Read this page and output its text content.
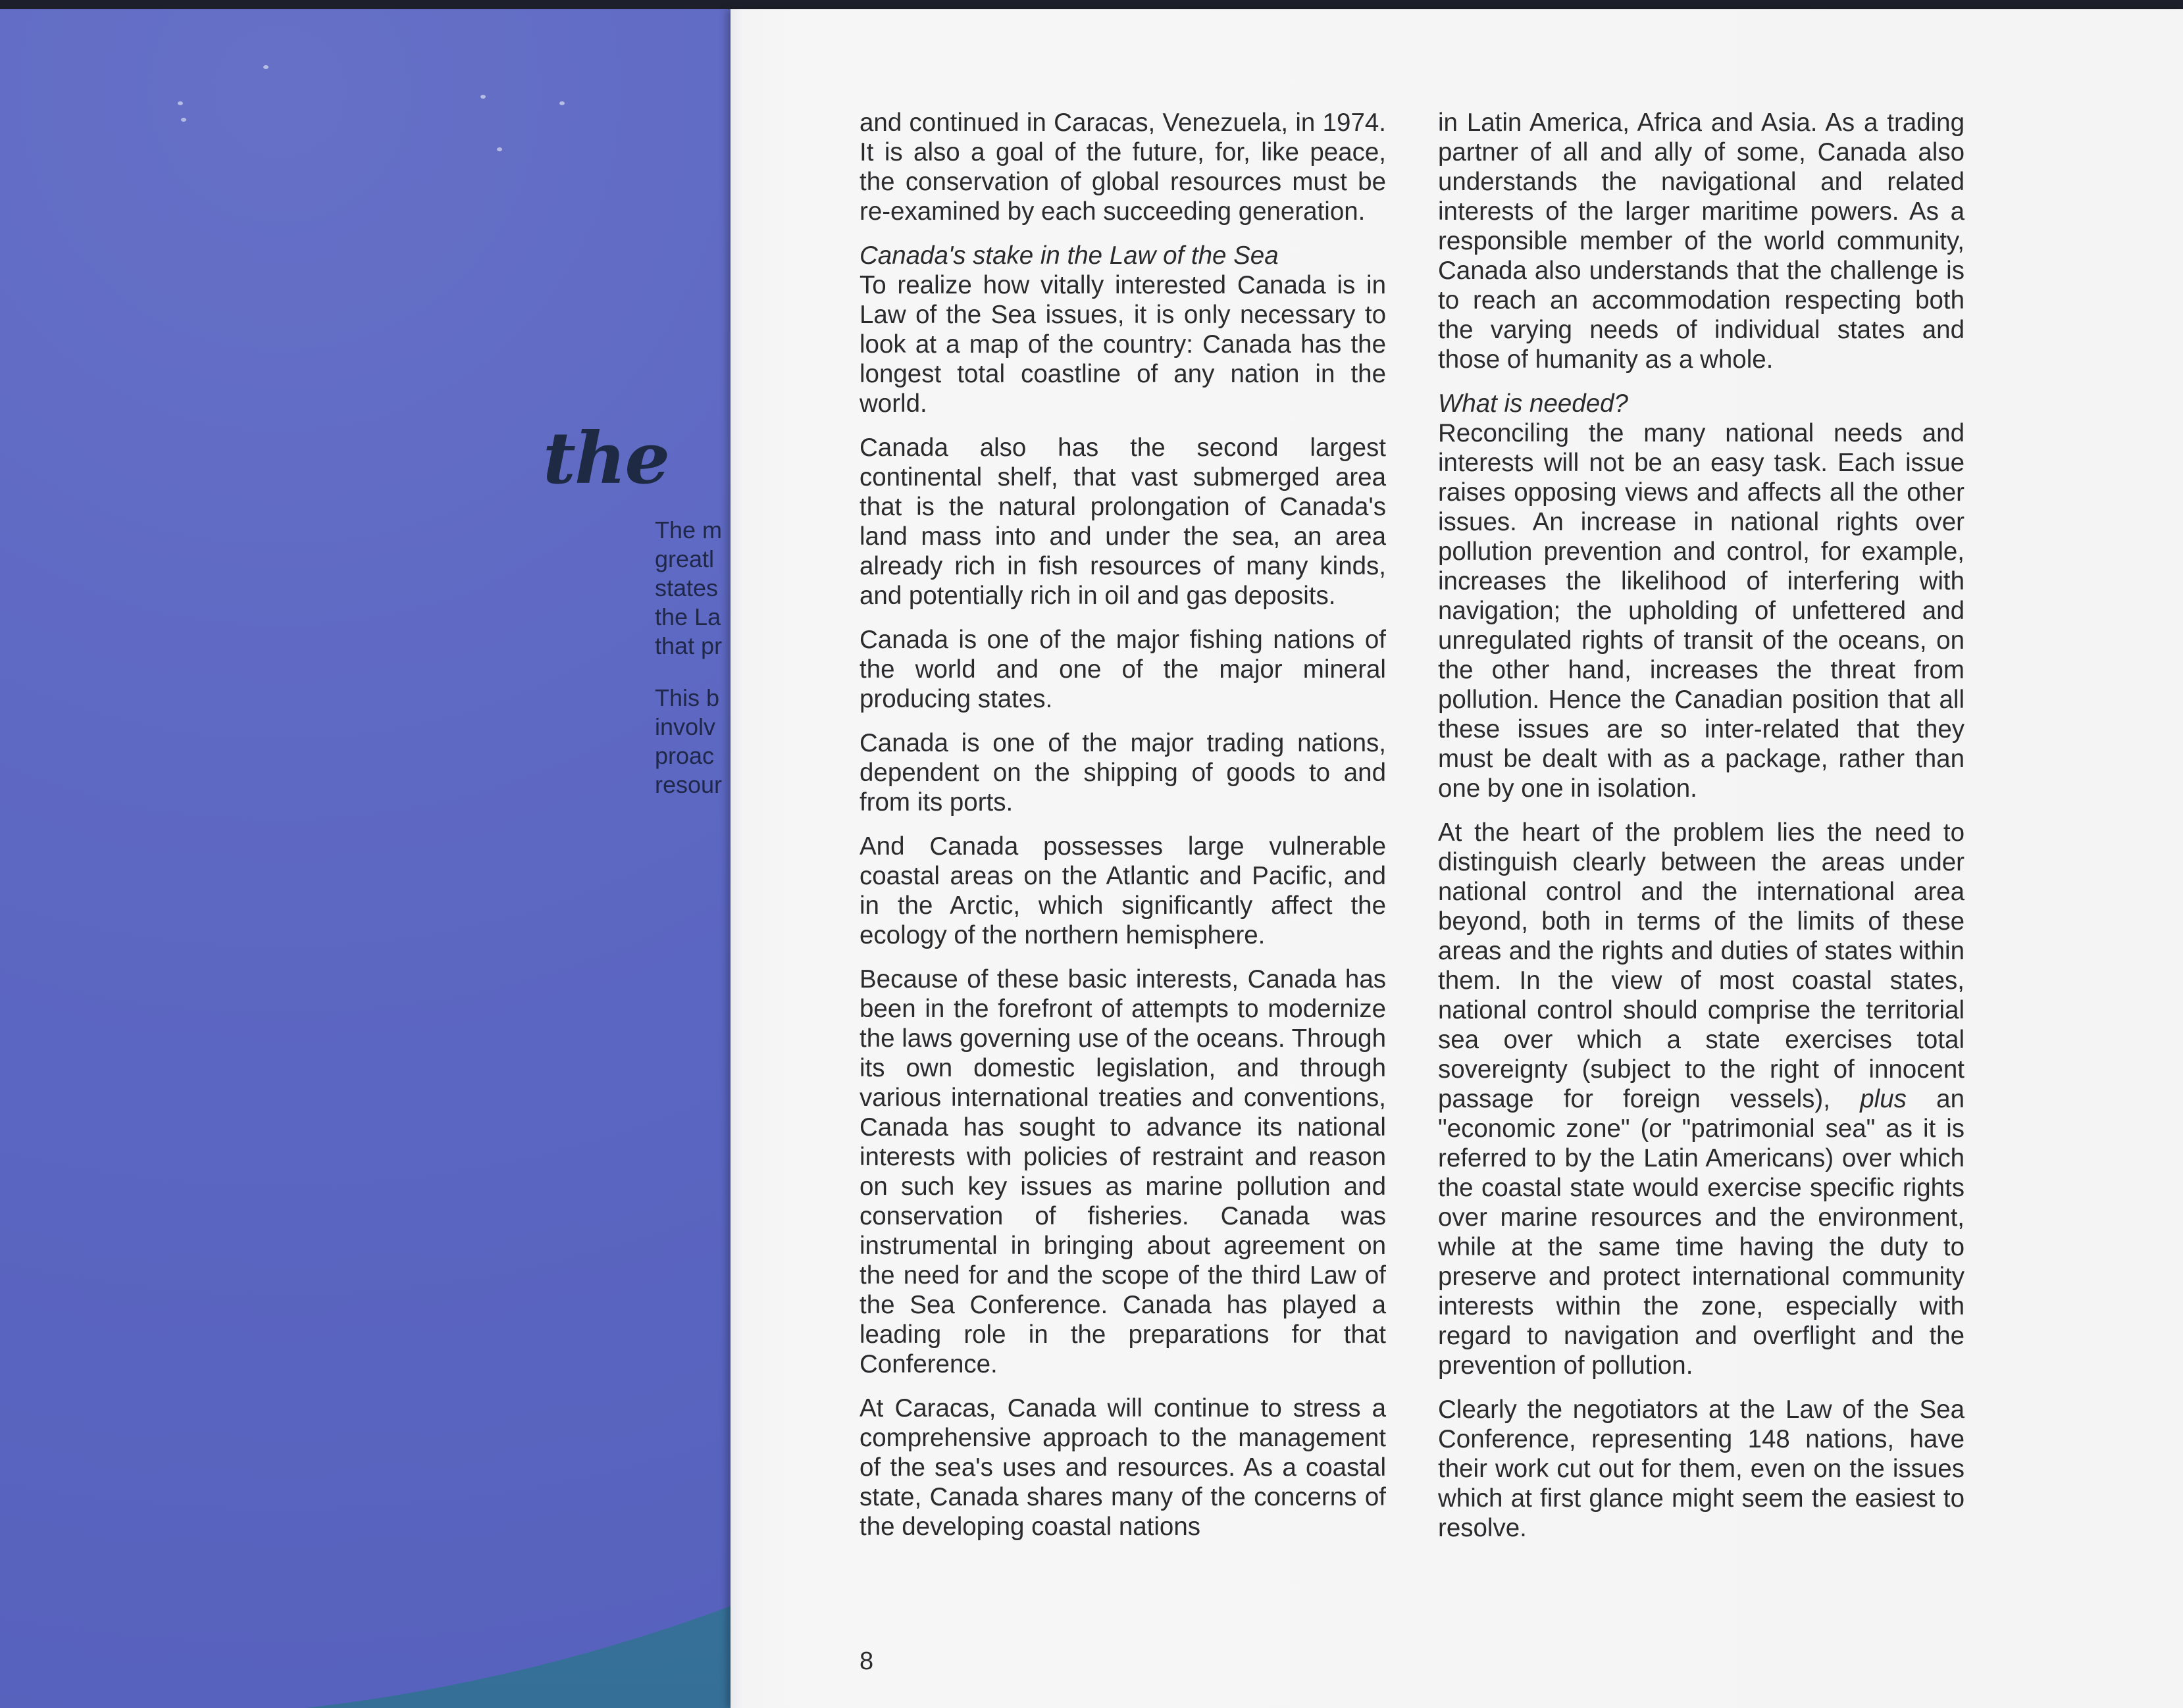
the
The m
greatl
states
the La
that pr
This b
involv
proac
resour

and continued in Caracas, Venezuela, in 1974. It is also a goal of the future, for, like peace, the conservation of global resources must be re-examined by each succeeding generation.

Canada's stake in the Law of the Sea

To realize how vitally interested Canada is in Law of the Sea issues, it is only necessary to look at a map of the country: Canada has the longest total coastline of any nation in the world.

Canada also has the second largest continental shelf, that vast submerged area that is the natural prolongation of Canada's land mass into and under the sea, an area already rich in fish resources of many kinds, and potentially rich in oil and gas deposits.

Canada is one of the major fishing nations of the world and one of the major mineral producing states.

Canada is one of the major trading nations, dependent on the shipping of goods to and from its ports.

And Canada possesses large vulnerable coastal areas on the Atlantic and Pacific, and in the Arctic, which significantly affect the ecology of the northern hemisphere.

Because of these basic interests, Canada has been in the forefront of attempts to modernize the laws governing use of the oceans. Through its own domestic legislation, and through various international treaties and conventions, Canada has sought to advance its national interests with policies of restraint and reason on such key issues as marine pollution and conservation of fisheries. Canada was instrumental in bringing about agreement on the need for and the scope of the third Law of the Sea Conference. Canada has played a leading role in the preparations for that Conference.

At Caracas, Canada will continue to stress a comprehensive approach to the management of the sea's uses and resources. As a coastal state, Canada shares many of the concerns of the developing coastal nations

in Latin America, Africa and Asia. As a trading partner of all and ally of some, Canada also understands the navigational and related interests of the larger maritime powers. As a responsible member of the world community, Canada also understands that the challenge is to reach an accommodation respecting both the varying needs of individual states and those of humanity as a whole.

What is needed?

Reconciling the many national needs and interests will not be an easy task. Each issue raises opposing views and affects all the other issues. An increase in national rights over pollution prevention and control, for example, increases the likelihood of interfering with navigation; the upholding of unfettered and unregulated rights of transit of the oceans, on the other hand, increases the threat from pollution. Hence the Canadian position that all these issues are so inter-related that they must be dealt with as a package, rather than one by one in isolation.

At the heart of the problem lies the need to distinguish clearly between the areas under national control and the international area beyond, both in terms of the limits of these areas and the rights and duties of states within them. In the view of most coastal states, national control should comprise the territorial sea over which a state exercises total sovereignty (subject to the right of innocent passage for foreign vessels), plus an "economic zone" (or "patrimonial sea" as it is referred to by the Latin Americans) over which the coastal state would exercise specific rights over marine resources and the environment, while at the same time having the duty to preserve and protect international community interests within the zone, especially with regard to navigation and overflight and the prevention of pollution.

Clearly the negotiators at the Law of the Sea Conference, representing 148 nations, have their work cut out for them, even on the issues which at first glance might seem the easiest to resolve.

8
